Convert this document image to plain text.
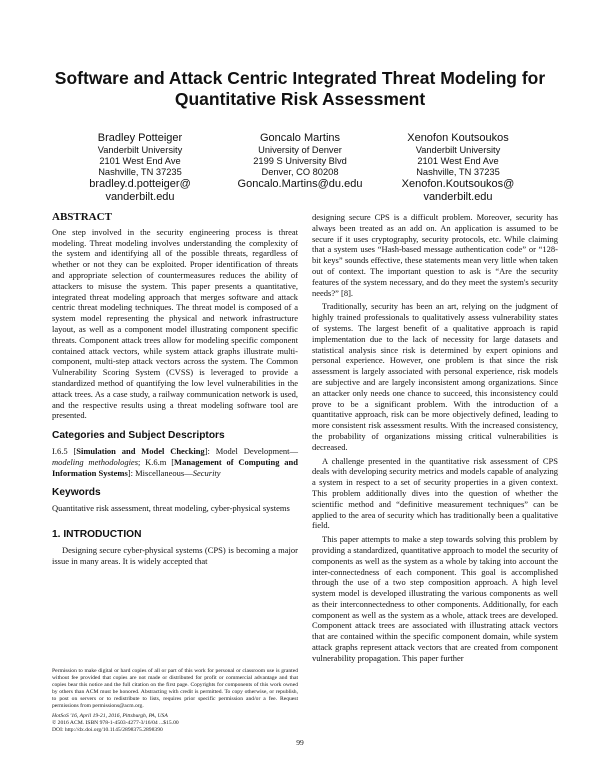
Software and Attack Centric Integrated Threat Modeling for Quantitative Risk Assessment
Bradley Potteiger
Vanderbilt University
2101 West End Ave
Nashville, TN 37235
bradley.d.potteiger@
vanderbilt.edu
Goncalo Martins
University of Denver
2199 S University Blvd
Denver, CO 80208
Goncalo.Martins@du.edu
Xenofon Koutsoukos
Vanderbilt University
2101 West End Ave
Nashville, TN 37235
Xenofon.Koutsoukos@
vanderbilt.edu
ABSTRACT

One step involved in the security engineering process is threat modeling. Threat modeling involves understanding the complexity of the system and identifying all of the possible threats, regardless of whether or not they can be exploited. Proper identification of threats and appropriate selection of countermeasures reduces the ability of attackers to misuse the system. This paper presents a quantitative, integrated threat modeling approach that merges software and attack centric threat modeling techniques. The threat model is composed of a system model representing the physical and network infrastructure layout, as well as a component model illustrating component specific threats. Component attack trees allow for modeling specific component contained attack vectors, while system attack graphs illustrate multi-component, multi-step attack vectors across the system. The Common Vulnerability Scoring System (CVSS) is leveraged to provide a standardized method of quantifying the low level vulnerabilities in the attack trees. As a case study, a railway communication network is used, and the respective results using a threat modeling software tool are presented.

Categories and Subject Descriptors

I.6.5 [Simulation and Model Checking]: Model Development—modeling methodologies; K.6.m [Management of Computing and Information Systems]: Miscellaneous—Security

Keywords

Quantitative risk assessment, threat modeling, cyber-physical systems

1. INTRODUCTION

Designing secure cyber-physical systems (CPS) is becoming a major issue in many areas. It is widely accepted that

Permission to make digital or hard copies of all or part of this work for personal or classroom use is granted without fee provided that copies are not made or distributed for profit or commercial advantage and that copies bear this notice and the full citation on the first page. Copyrights for components of this work owned by others than ACM must be honored. Abstracting with credit is permitted. To copy otherwise, or republish, to post on servers or to redistribute to lists, requires prior specific permission and/or a fee. Request permissions from permissions@acm.org.

HotSoS '16, April 19-21, 2016, Pittsburgh, PA, USA

© 2016 ACM. ISBN 978-1-4503-4277-3/16/04 ...$15.00

DOI: http://dx.doi.org/10.1145/2898375.2898390

designing secure CPS is a difficult problem. Moreover, security has always been treated as an add on. An application is assumed to be secure if it uses cryptography, security protocols, etc. While claiming that a system uses “Hash-based message authentication code” or “128-bit keys” sounds effective, these statements mean very little when taken out of context. The important question to ask is “Are the security features of the system necessary, and do they meet the system's security needs?” [8].

Traditionally, security has been an art, relying on the judgment of highly trained professionals to qualitatively assess vulnerability states of systems. The largest benefit of a qualitative approach is rapid implementation due to the lack of necessity for large datasets and statistical analysis since risk is determined by expert opinions and personal experience. However, one problem is that since the risk assessment is largely associated with personal experience, risk models are subjective and are largely inconsistent among organizations. Since an attacker only needs one chance to succeed, this inconsistency could prove to be a significant problem. With the introduction of a quantitative approach, risk can be more objectively defined, leading to more consistent risk assessment results. With the increased consistency, the probability of organizations missing critical vulnerabilities is decreased.

A challenge presented in the quantitative risk assessment of CPS deals with developing security metrics and models capable of analyzing a system in respect to a set of security properties in a given context. This problem additionally dives into the question of whether the scientific method and “definitive measurement techniques” can be applied to the area of security which has traditionally been a qualitative field.

This paper attempts to make a step towards solving this problem by providing a standardized, quantitative approach to model the security of components as well as the system as a whole by taking into account the inter-connectedness of each component. This goal is accomplished through the use of a two step composition approach. A high level system model is developed illustrating the various components as well as their interconnectedness to other components. Additionally, for each component as well as the system as a whole, attack trees are developed. Component attack trees are associated with illustrating attack vectors that are contained within the specific component domain, while system attack graphs represent attack vectors that are created from component vulnerability propagation. This paper further

99
